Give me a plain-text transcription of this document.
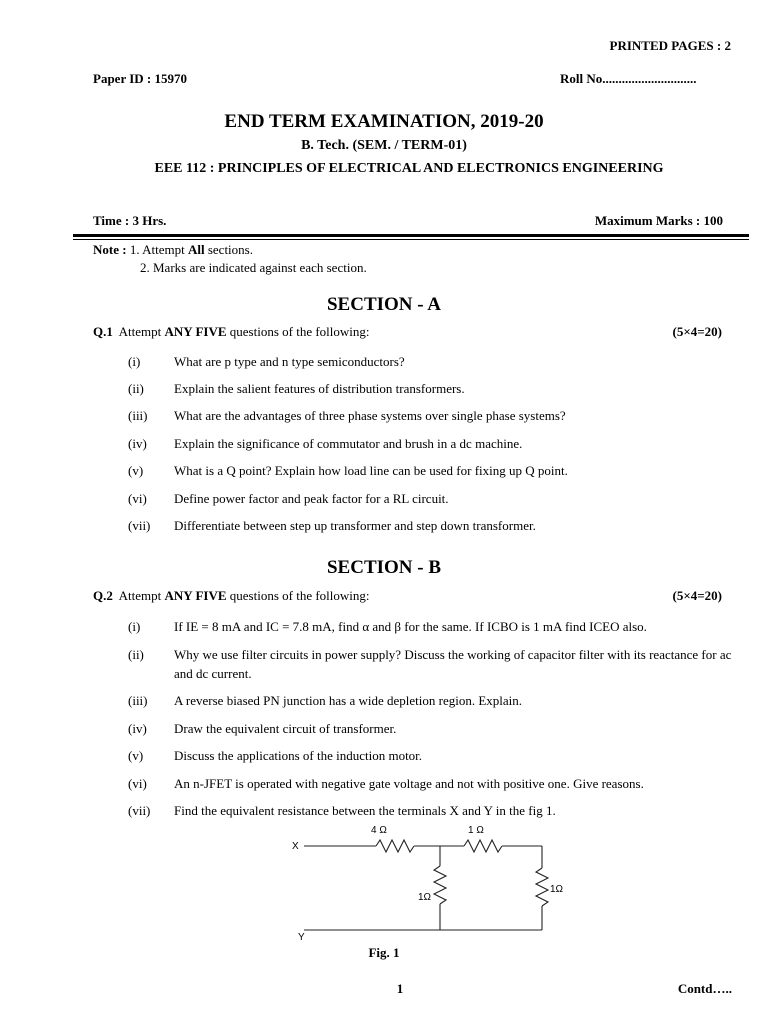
PRINTED PAGES : 2
Paper ID : 15970	Roll No.............................
END TERM EXAMINATION, 2019-20
B. Tech. (SEM. / TERM-01)
EEE 112 : PRINCIPLES OF ELECTRICAL AND ELECTRONICS ENGINEERING
Time : 3 Hrs.	Maximum Marks : 100
Note : 1. Attempt All sections.
2. Marks are indicated against each section.
SECTION - A
Q.1 Attempt ANY FIVE questions of the following:	(5×4=20)
(i)	What are p type and n type semiconductors?
(ii)	Explain the salient features of distribution transformers.
(iii)	What are the advantages of three phase systems over single phase systems?
(iv)	Explain the significance of commutator and brush in a dc machine.
(v)	What is a Q point? Explain how load line can be used for fixing up Q point.
(vi)	Define power factor and peak factor for a RL circuit.
(vii)	Differentiate between step up transformer and step down transformer.
SECTION - B
Q.2 Attempt ANY FIVE questions of the following:	(5×4=20)
(i)	If IE = 8 mA and IC = 7.8 mA, find α and β for the same. If ICBO is 1 mA find ICEO also.
(ii)	Why we use filter circuits in power supply? Discuss the working of capacitor filter with its reactance for ac and dc current.
(iii)	A reverse biased PN junction has a wide depletion region. Explain.
(iv)	Draw the equivalent circuit of transformer.
(v)	Discuss the applications of the induction motor.
(vi)	An n-JFET is operated with negative gate voltage and not with positive one. Give reasons.
(vii)	Find the equivalent resistance between the terminals X and Y in the fig 1.
X
Y
4 Ω	1 Ω
1Ω
1Ω
Fig. 1
1	Contd…..
